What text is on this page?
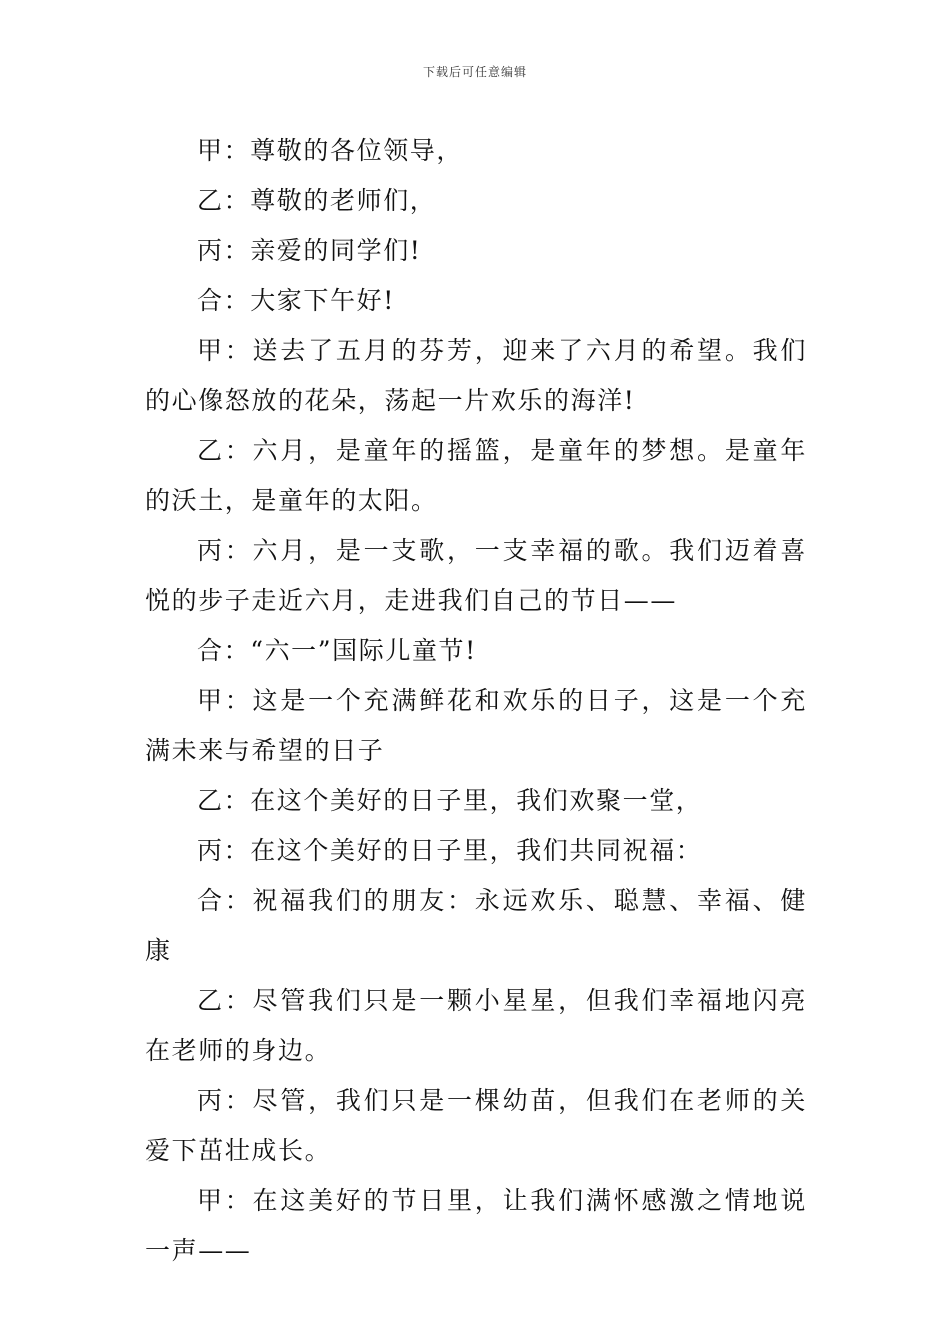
下载后可任意编辑

甲：尊敬的各位领导，

乙：尊敬的老师们，

丙：亲爱的同学们!

合：大家下午好!

甲：送去了五月的芬芳，迎来了六月的希望。我们的心像怒放的花朵，荡起一片欢乐的海洋!

乙：六月，是童年的摇篮，是童年的梦想。是童年的沃土，是童年的太阳。

丙：六月，是一支歌，一支幸福的歌。我们迈着喜悦的步子走近六月，走进我们自己的节日——

合：“六一”国际儿童节!

甲：这是一个充满鲜花和欢乐的日子，这是一个充满未来与希望的日子

乙：在这个美好的日子里，我们欢聚一堂，

丙：在这个美好的日子里，我们共同祝福：

合：祝福我们的朋友：永远欢乐、聪慧、幸福、健康

乙：尽管我们只是一颗小星星，但我们幸福地闪亮在老师的身边。

丙：尽管，我们只是一棵幼苗，但我们在老师的关爱下茁壮成长。

甲：在这美好的节日里，让我们满怀感激之情地说一声——
